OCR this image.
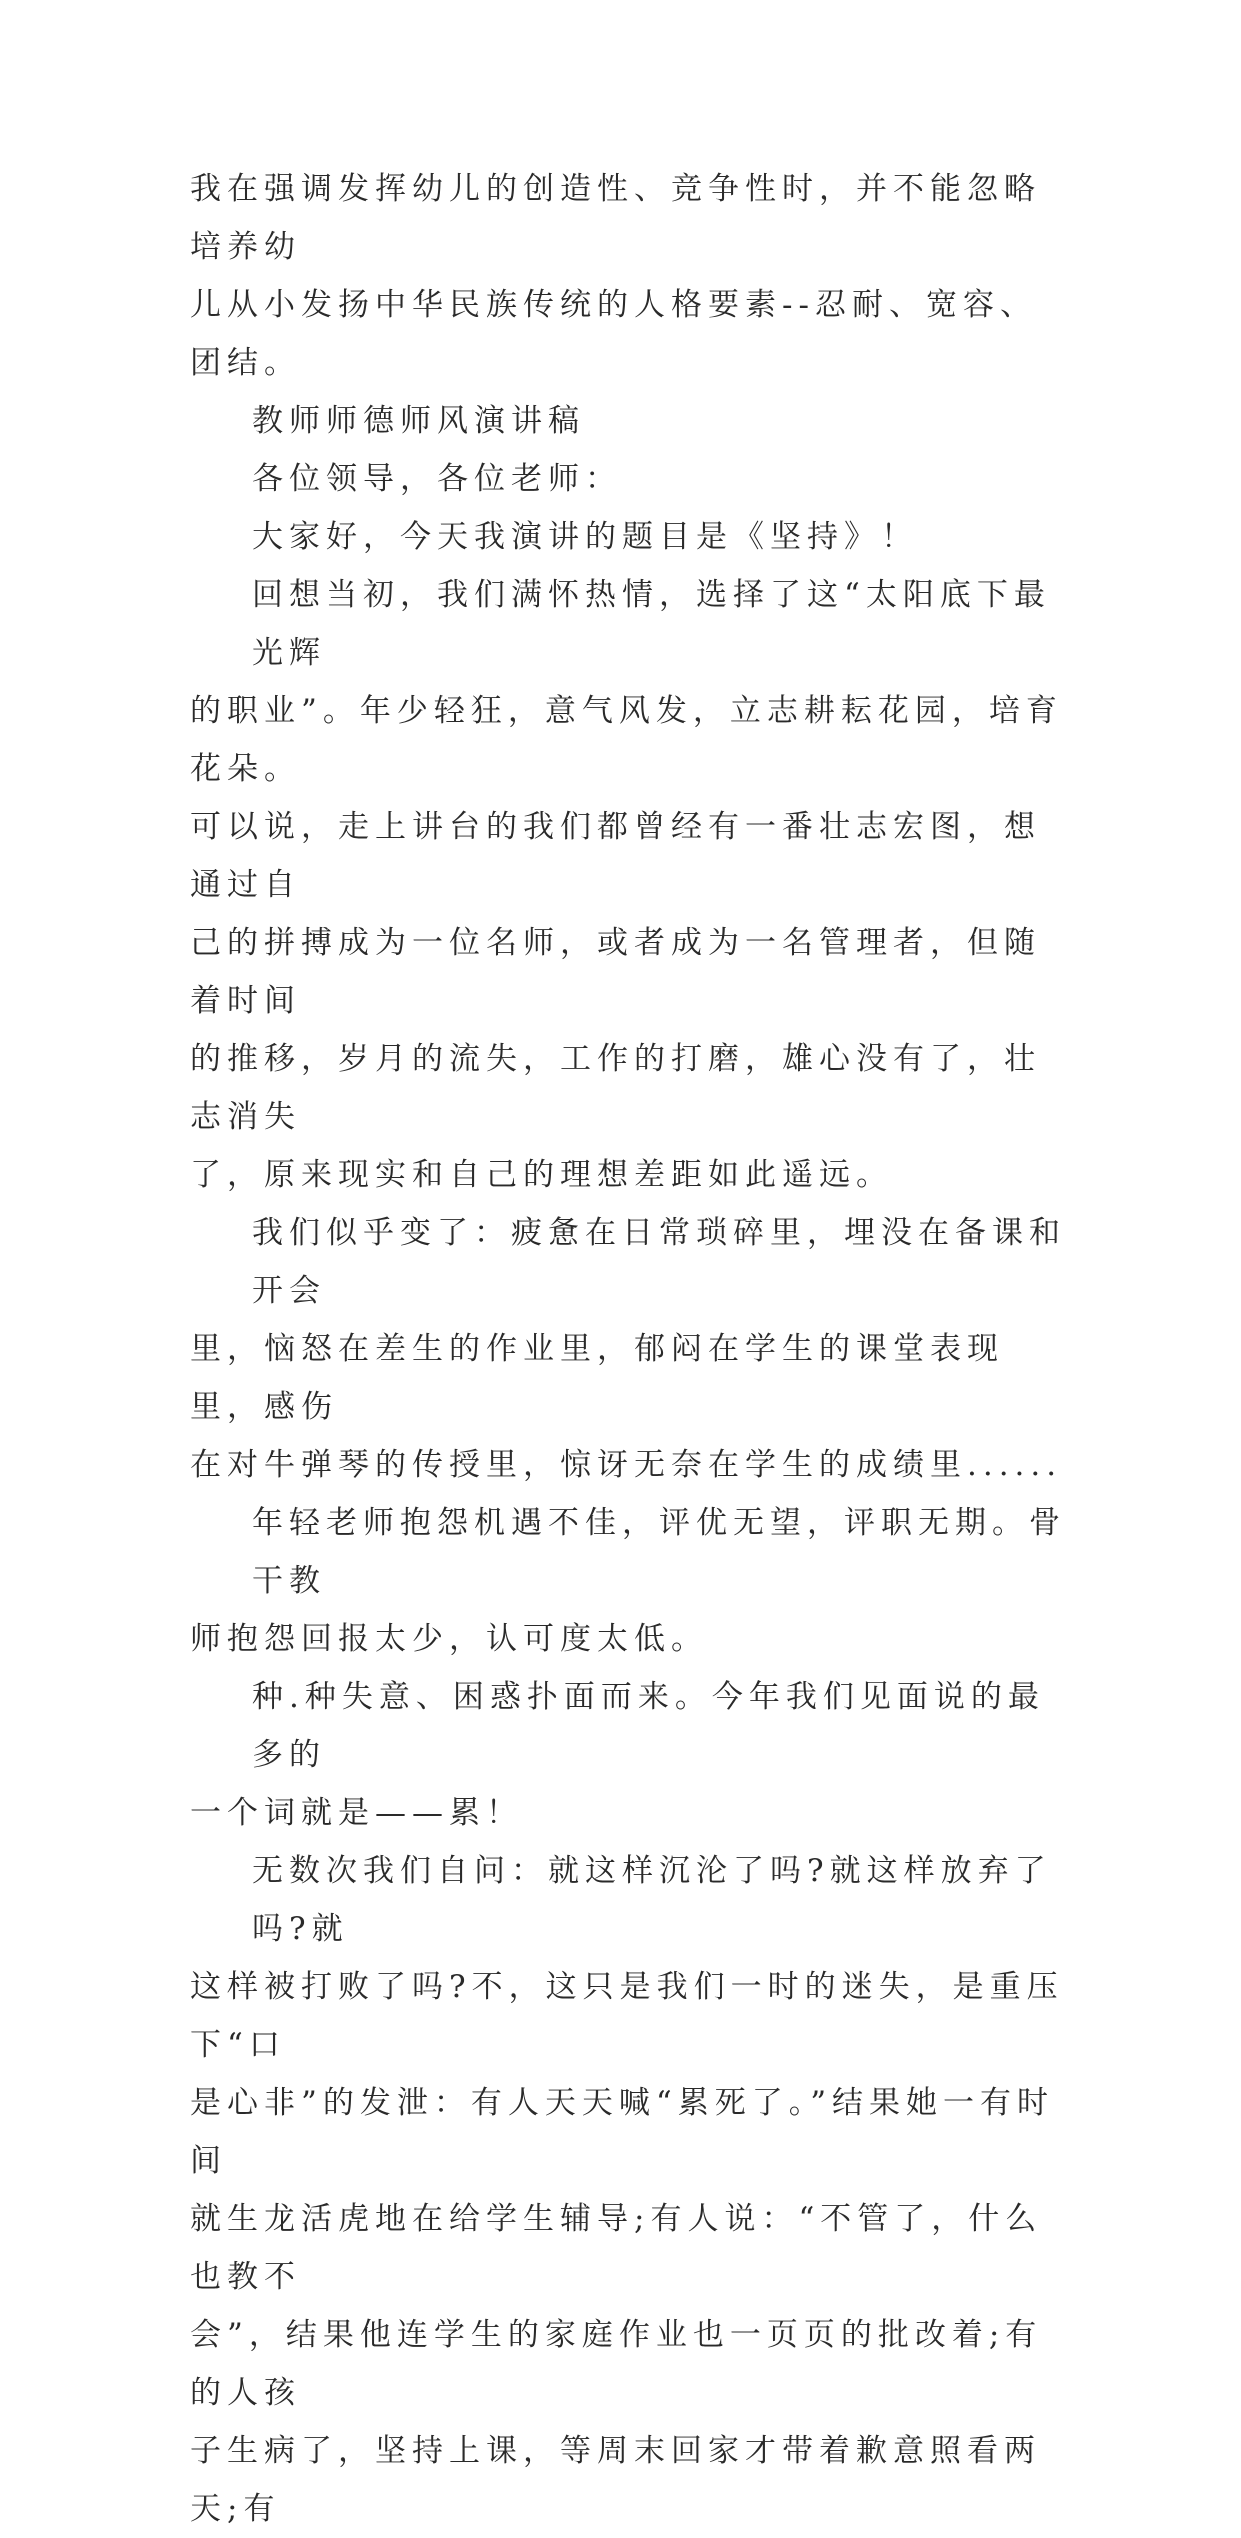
我在强调发挥幼儿的创造性、竞争性时，并不能忽略培养幼
儿从小发扬中华民族传统的人格要素--忍耐、宽容、团结。

教师师德师风演讲稿

各位领导，各位老师：

大家好，今天我演讲的题目是《坚持》！

回想当初，我们满怀热情，选择了这“太阳底下最光辉

的职业”。年少轻狂，意气风发，立志耕耘花园，培育花朵。
可以说，走上讲台的我们都曾经有一番壮志宏图，想通过自
己的拼搏成为一位名师，或者成为一名管理者，但随着时间
的推移，岁月的流失，工作的打磨，雄心没有了，壮志消失
了，原来现实和自己的理想差距如此遥远。

我们似乎变了：疲惫在日常琐碎里，埋没在备课和开会

里，恼怒在差生的作业里，郁闷在学生的课堂表现里，感伤
在对牛弹琴的传授里，惊讶无奈在学生的成绩里......

年轻老师抱怨机遇不佳，评优无望，评职无期。骨干教

师抱怨回报太少，认可度太低。

种.种失意、困惑扑面而来。今年我们见面说的最多的

一个词就是——累！

无数次我们自问：就这样沉沦了吗?就这样放弃了吗?就

这样被打败了吗?不，这只是我们一时的迷失，是重压下“口
是心非”的发泄：有人天天喊“累死了。”结果她一有时间
就生龙活虎地在给学生辅导;有人说：“不管了，什么也教不
会”，结果他连学生的家庭作业也一页页的批改着;有的人孩
子生病了，坚持上课，等周末回家才带着歉意照看两天;有
